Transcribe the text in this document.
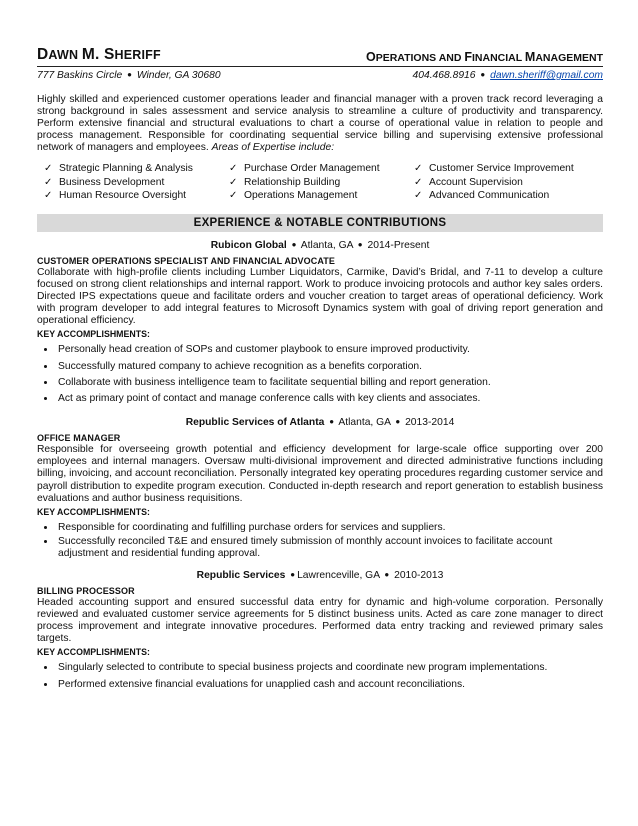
DAWN M. SHERIFF	OPERATIONS AND FINANCIAL MANAGEMENT
777 Baskins Circle ● Winder, GA 30680	404.468.8916 ● dawn.sheriff@gmail.com
Highly skilled and experienced customer operations leader and financial manager with a proven track record leveraging a strong background in sales assessment and service analysis to streamline a culture of productivity and transparency. Perform extensive financial and structural evaluations to chart a course of operational value in relation to people and process management. Responsible for coordinating sequential service billing and supervising extensive professional network of managers and employees. Areas of Expertise include:
✓ Strategic Planning & Analysis
✓ Business Development
✓ Human Resource Oversight
✓ Purchase Order Management
✓ Relationship Building
✓ Operations Management
✓ Customer Service Improvement
✓ Account Supervision
✓ Advanced Communication
EXPERIENCE & NOTABLE CONTRIBUTIONS
Rubicon Global ● Atlanta, GA ● 2014-Present
CUSTOMER OPERATIONS SPECIALIST AND FINANCIAL ADVOCATE
Collaborate with high-profile clients including Lumber Liquidators, Carmike, David’s Bridal, and 7-11 to develop a culture focused on strong client relationships and internal rapport. Work to produce invoicing protocols and author key sales orders. Directed IPS expectations queue and facilitate orders and voucher creation to target areas of operational deficiency. Work with program developer to add integral features to Microsoft Dynamics system with goal of driving report generation and operational efficiency.
KEY ACCOMPLISHMENTS:
• Personally head creation of SOPs and customer playbook to ensure improved productivity.
• Successfully matured company to achieve recognition as a benefits corporation.
• Collaborate with business intelligence team to facilitate sequential billing and report generation.
• Act as primary point of contact and manage conference calls with key clients and associates.
Republic Services of Atlanta ● Atlanta, GA ● 2013-2014
OFFICE MANAGER
Responsible for overseeing growth potential and efficiency development for large-scale office supporting over 200 employees and internal managers. Oversaw multi-divisional improvement and directed administrative functions including billing, invoicing, and account reconciliation. Personally integrated key operating procedures regarding customer service and payroll distribution to expedite program execution. Conducted in-depth research and report generation to establish business evaluations and author business requisitions.
KEY ACCOMPLISHMENTS:
• Responsible for coordinating and fulfilling purchase orders for services and suppliers.
• Successfully reconciled T&E and ensured timely submission of monthly account invoices to facilitate account adjustment and residential funding approval.
Republic Services ● Lawrenceville, GA ● 2010-2013
BILLING PROCESSOR
Headed accounting support and ensured successful data entry for dynamic and high-volume corporation. Personally reviewed and evaluated customer service agreements for 5 distinct business units. Acted as care zone manager to direct process improvement and integrate innovative procedures. Performed data entry tracking and reviewed primary sales targets.
KEY ACCOMPLISHMENTS:
• Singularly selected to contribute to special business projects and coordinate new program implementations.
• Performed extensive financial evaluations for unapplied cash and account reconciliations.
